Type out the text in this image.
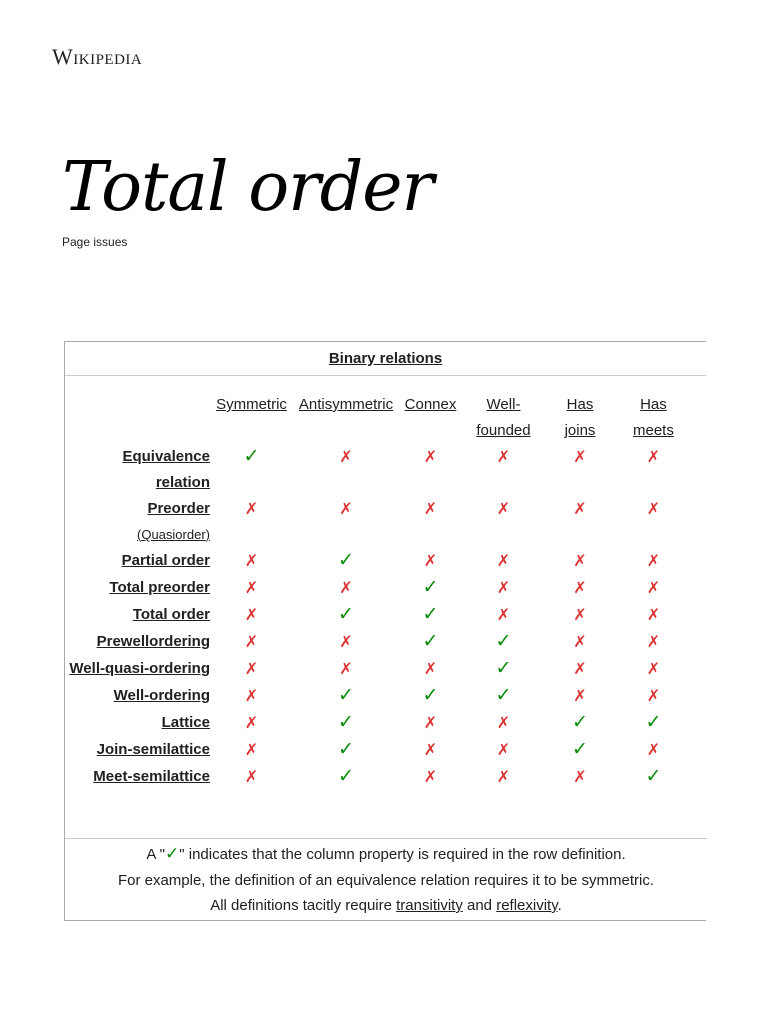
Wikipedia
Total order
Page issues
Binary relations
	Symmetric	Antisymmetric	Connex	Well-founded	Has joins	Has meets

Equivalence relation	✓	✗	✗	✗	✗	✗

Preorder
(Quasiorder)	✗	✗	✗	✗	✗	✗

Partial order	✗	✓	✗	✗	✗	✗

Total preorder	✗	✗	✓	✗	✗	✗

Total order	✗	✓	✓	✗	✗	✗

Prewellordering	✗	✗	✓	✓	✗	✗

Well-quasi-ordering	✗	✗	✗	✓	✗	✗

Well-ordering	✗	✓	✓	✓	✗	✗

Lattice	✗	✓	✗	✗	✓	✓

Join-semilattice	✗	✓	✗	✗	✓	✗

Meet-semilattice	✗	✓	✗	✗	✗	✓
A "✓" indicates that the column property is required in the row definition.
For example, the definition of an equivalence relation requires it to be symmetric.
All definitions tacitly require transitivity and reflexivity.
